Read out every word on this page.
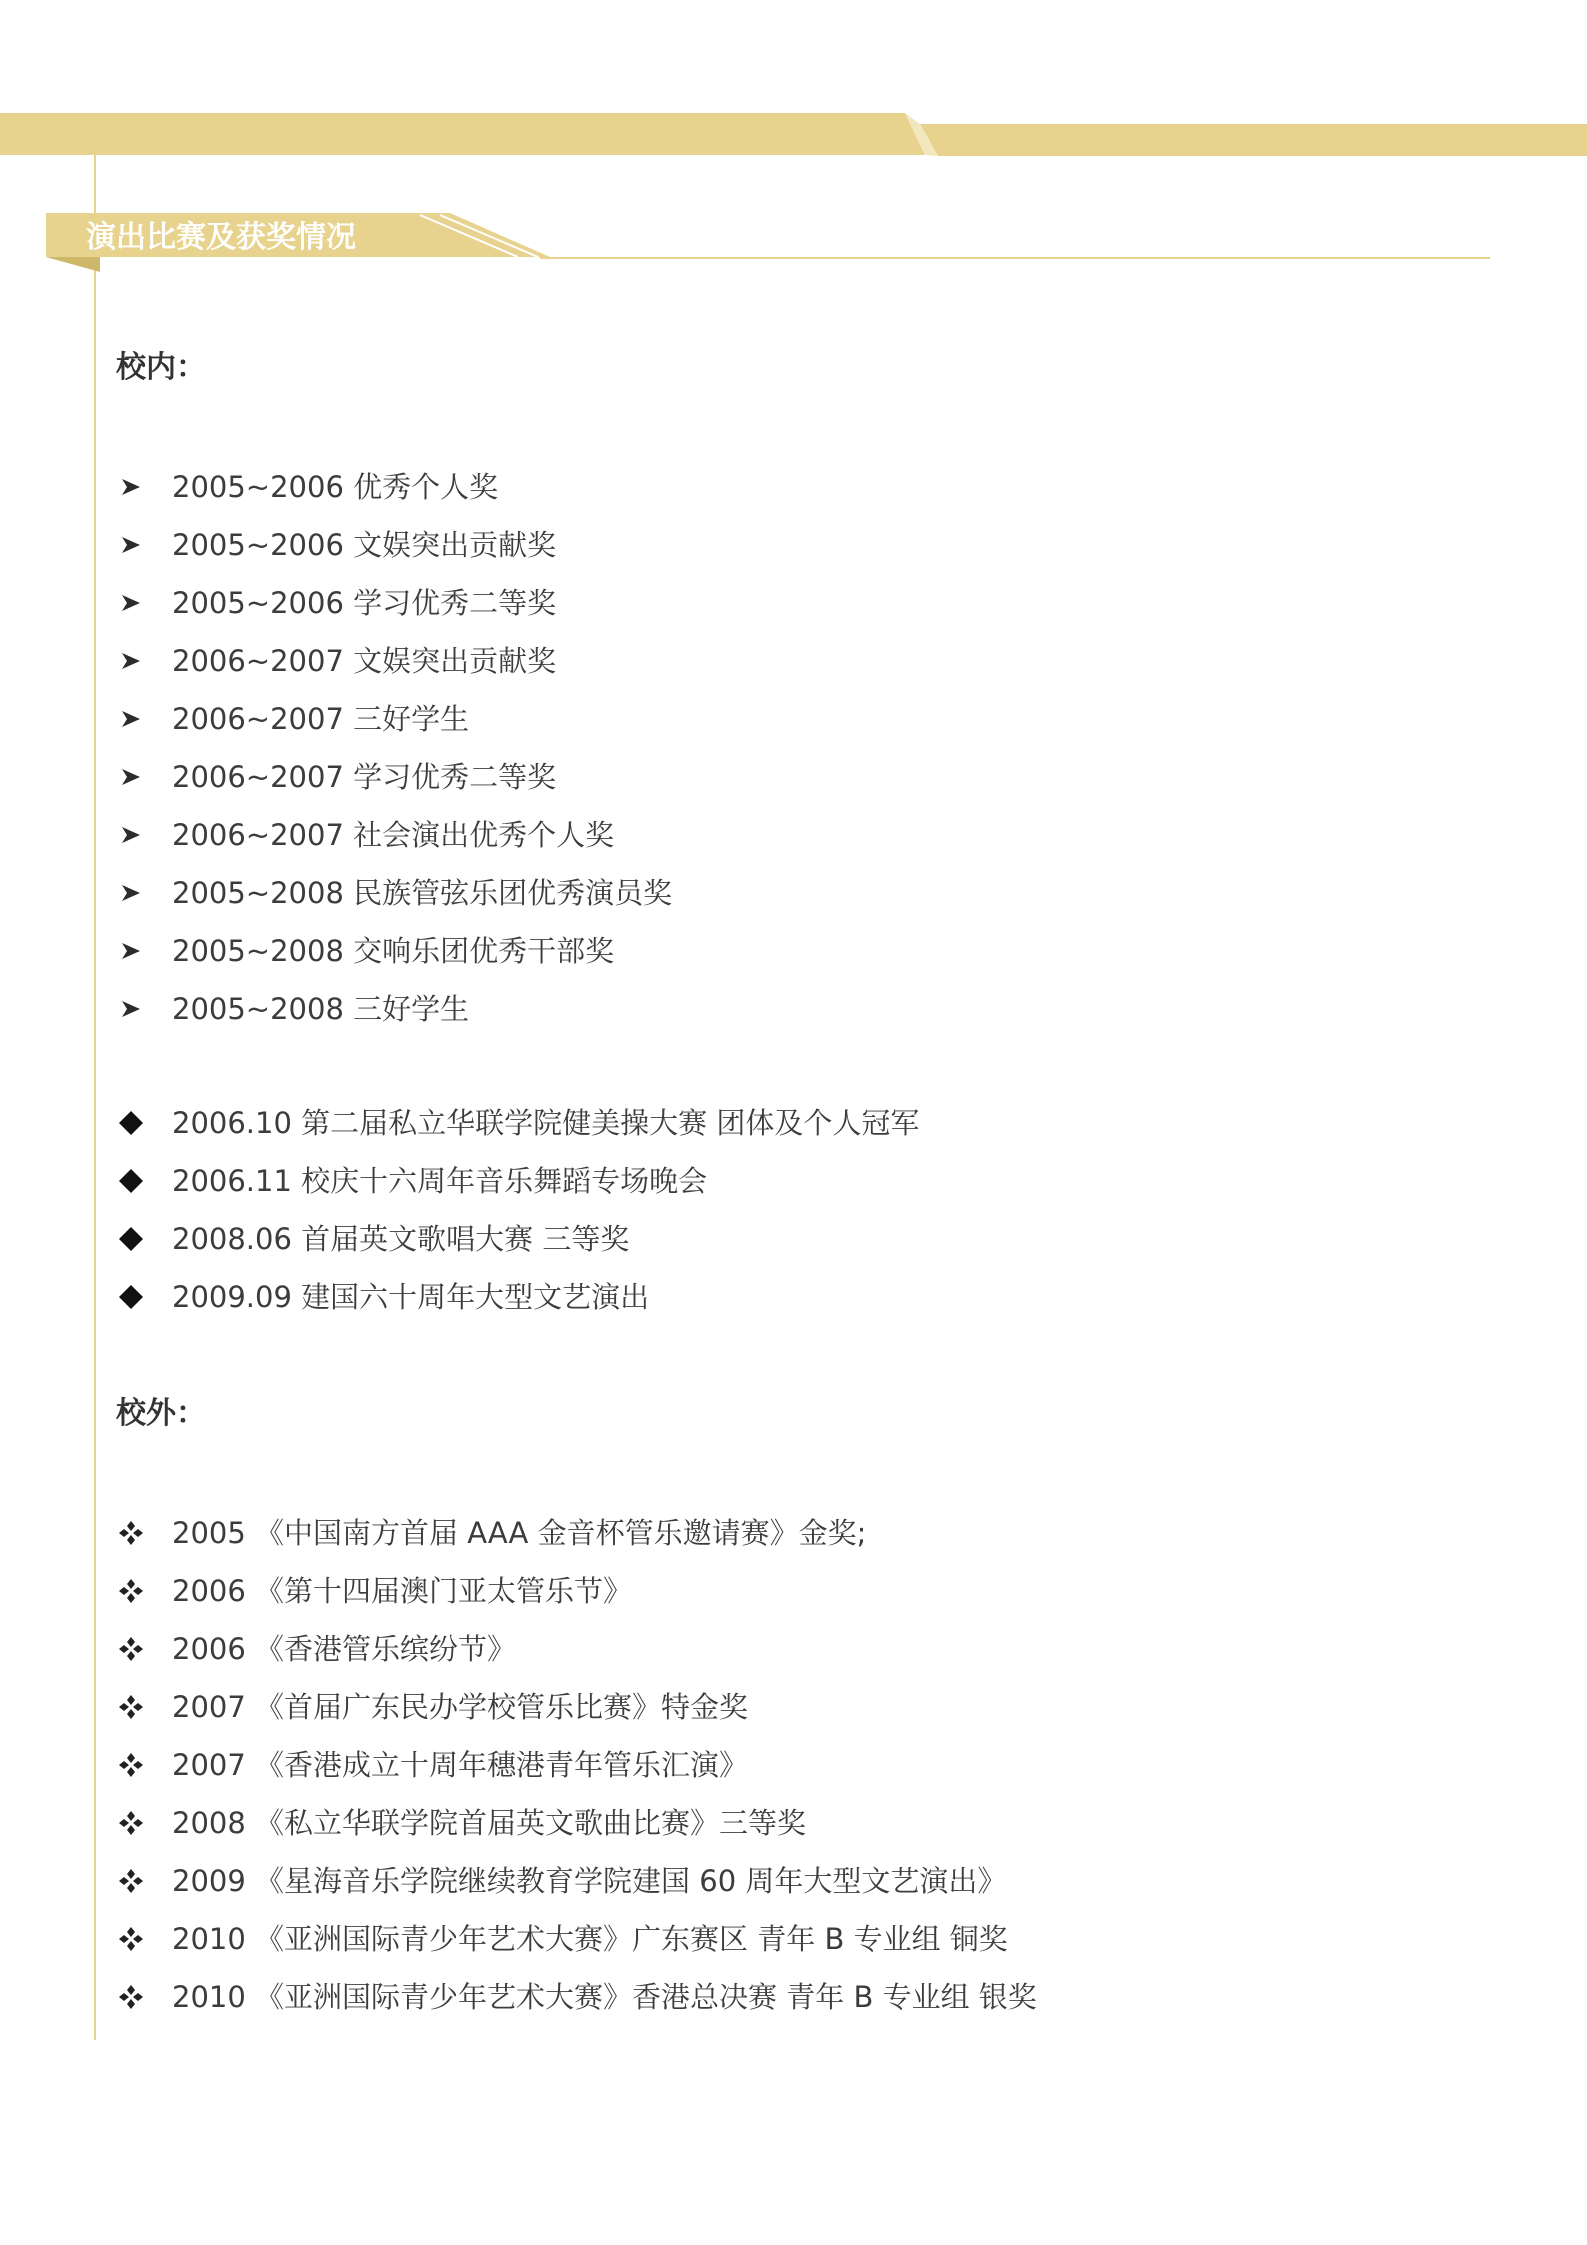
演出比赛及获奖情况
校内：
2005~2006 优秀个人奖
2005~2006 文娱突出贡献奖
2005~2006 学习优秀二等奖
2006~2007 文娱突出贡献奖
2006~2007 三好学生
2006~2007 学习优秀二等奖
2006~2007 社会演出优秀个人奖
2005~2008 民族管弦乐团优秀演员奖
2005~2008 交响乐团优秀干部奖
2005~2008 三好学生
2006.10 第二届私立华联学院健美操大赛 团体及个人冠军
2006.11 校庆十六周年音乐舞蹈专场晚会
2008.06 首届英文歌唱大赛 三等奖
2009.09 建国六十周年大型文艺演出
校外：
2005 《中国南方首届 AAA 金音杯管乐邀请赛》金奖;
2006 《第十四届澳门亚太管乐节》
2006 《香港管乐缤纷节》
2007 《首届广东民办学校管乐比赛》特金奖
2007 《香港成立十周年穗港青年管乐汇演》
2008 《私立华联学院首届英文歌曲比赛》三等奖
2009 《星海音乐学院继续教育学院建国 60 周年大型文艺演出》
2010 《亚洲国际青少年艺术大赛》广东赛区 青年 B 专业组 铜奖
2010 《亚洲国际青少年艺术大赛》香港总决赛 青年 B 专业组 银奖
